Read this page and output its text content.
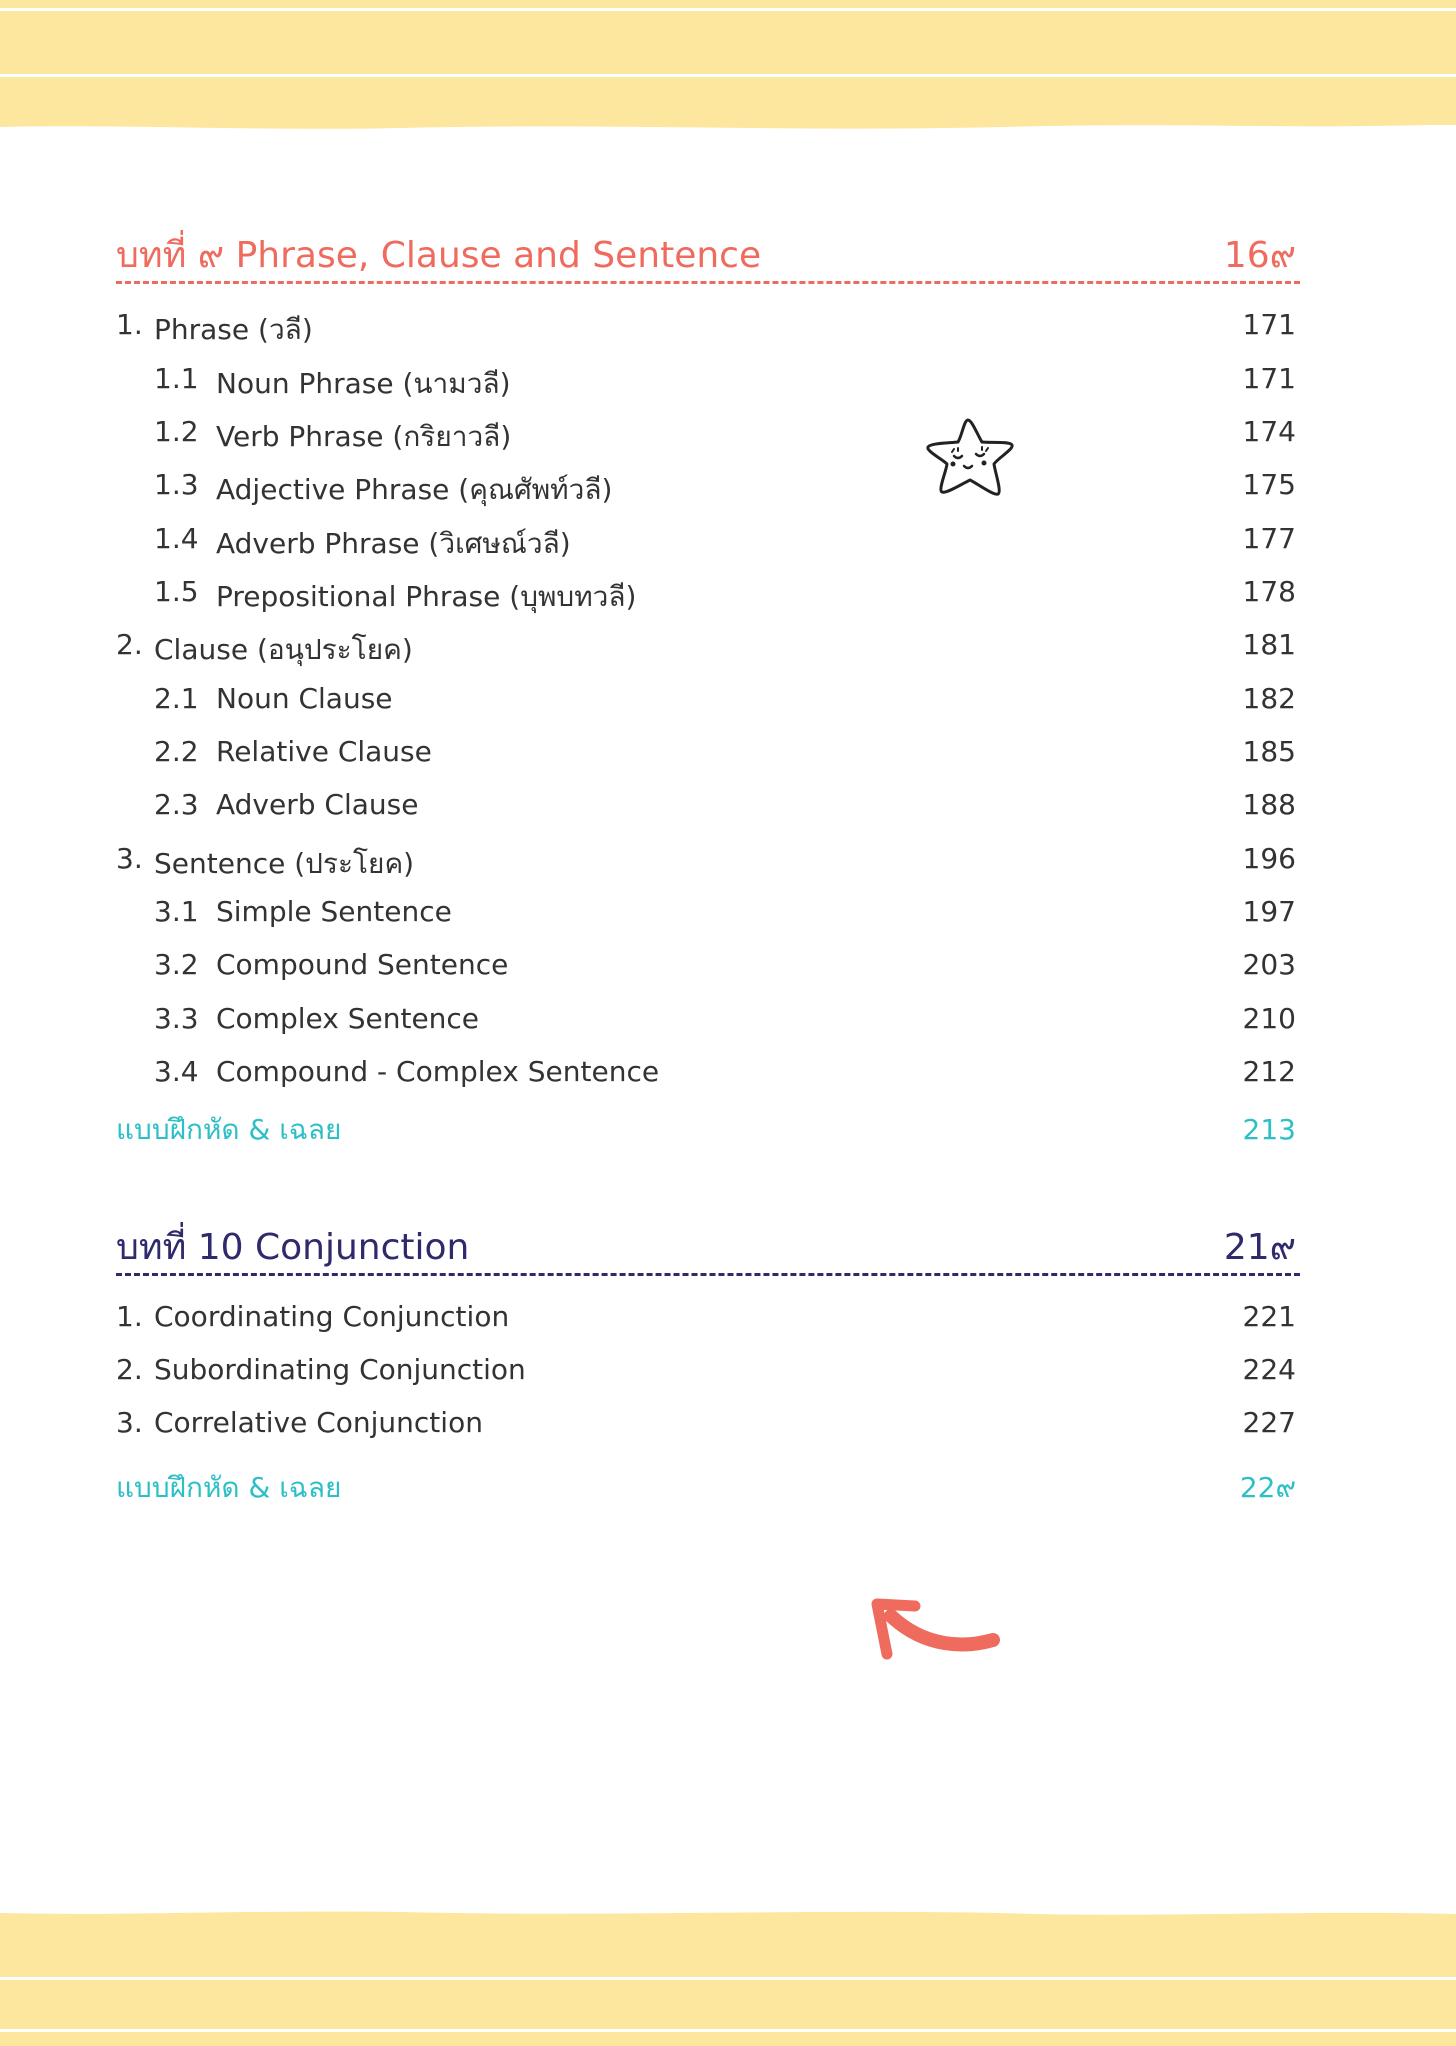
บทที่ ๙ Phrase, Clause and Sentence	16๙
1. Phrase (วลี)	171
1.1 Noun Phrase (นามวลี)	171
1.2 Verb Phrase (กริยาวลี)	174
1.3 Adjective Phrase (คุณศัพท์วลี)	175
1.4 Adverb Phrase (วิเศษณ์วลี)	177
1.5 Prepositional Phrase (บุพบทวลี)	178
2. Clause (อนุประโยค)	181
2.1 Noun Clause	182
2.2 Relative Clause	185
2.3 Adverb Clause	188
3. Sentence (ประโยค)	196
3.1 Simple Sentence	197
3.2 Compound Sentence	203
3.3 Complex Sentence	210
3.4 Compound - Complex Sentence	212
แบบฝึกหัด & เฉลย	213
บทที่ 10 Conjunction	21๙
1. Coordinating Conjunction	221
2. Subordinating Conjunction	224
3. Correlative Conjunction	227
แบบฝึกหัด & เฉลย	22๙
